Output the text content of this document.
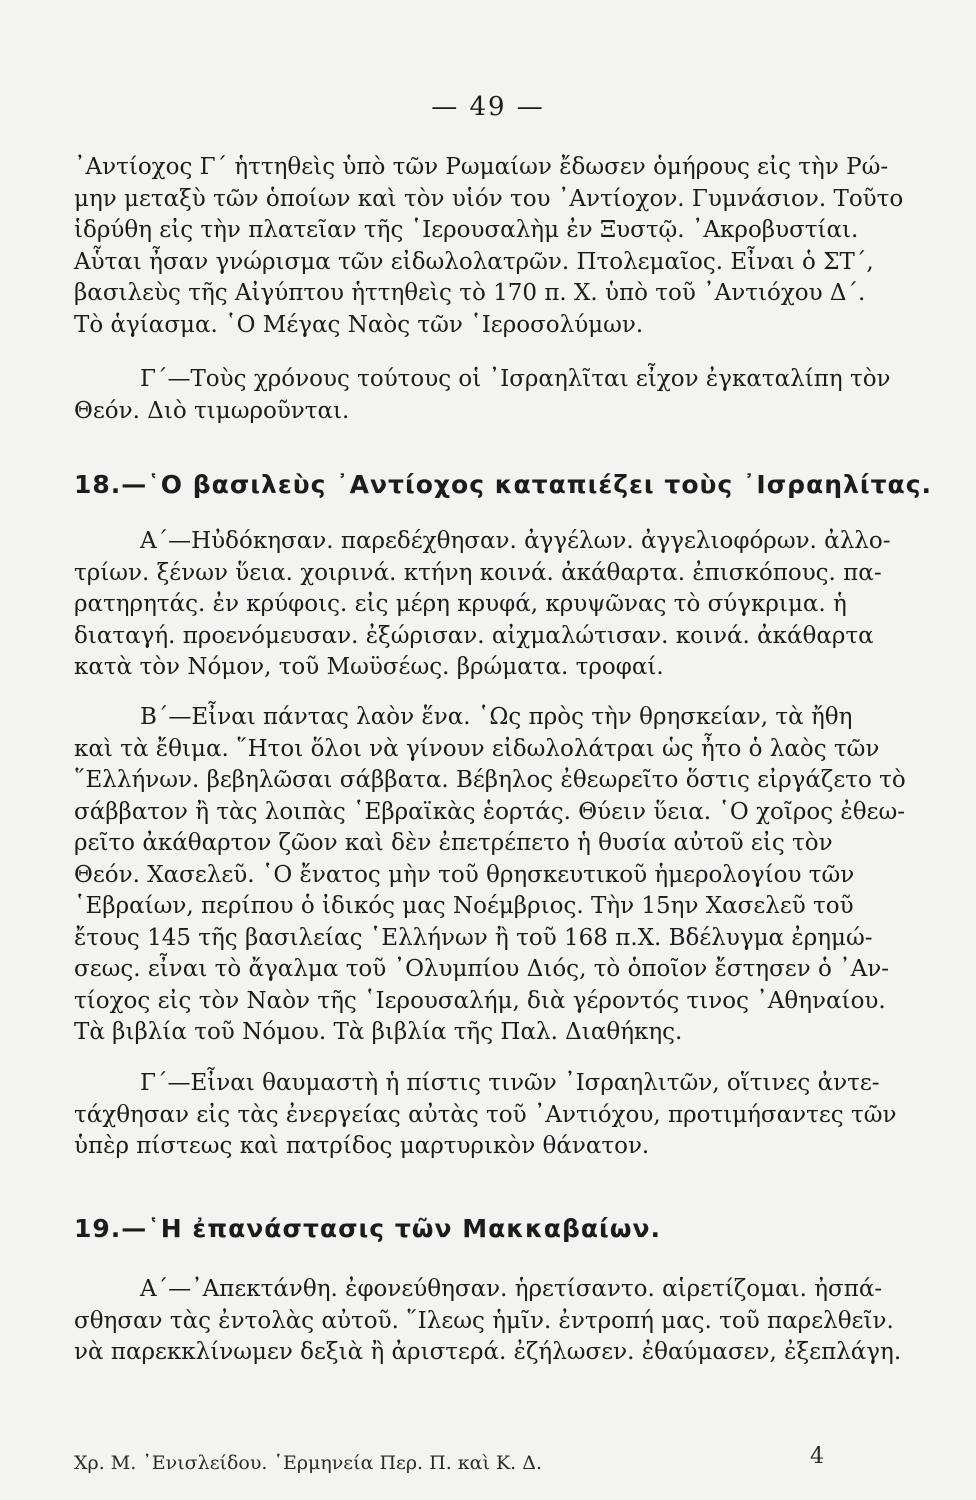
— 49 —
᾿Αντίοχος Γ΄ ἡττηθεὶς ὑπὸ τῶν Ρωμαίων ἔδωσεν ὁμήρους εἰς τὴν Ρώ-
μην μεταξὺ τῶν ὁποίων καὶ τὸν υἱόν του ᾿Αντίοχον. Γυμνάσιον. Τοῦτο
ἱδρύθη εἰς τὴν πλατεῖαν τῆς ῾Ιερουσαλὴμ ἐν Ξυστῷ. ᾿Ακροβυστίαι.
Αὗται ἦσαν γνώρισμα τῶν εἰδωλολατρῶν. Πτολεμαῖος. Εἶναι ὁ ΣΤ΄,
βασιλεὺς τῆς Αἰγύπτου ἡττηθεὶς τὸ 170 π. Χ. ὑπὸ τοῦ ᾿Αντιόχου Δ΄.
Τὸ ἁγίασμα. ῾Ο Μέγας Ναὸς τῶν ῾Ιεροσολύμων.
Γ΄—Τοὺς χρόνους τούτους οἱ ᾿Ισραηλῖται εἶχον ἐγκαταλίπη τὸν
Θεόν. Διὸ τιμωροῦνται.
18.—῾Ο βασιλεὺς ᾿Αντίοχος καταπιέζει τοὺς ᾿Ισραηλίτας.
Α΄—Ηὐδόκησαν. παρεδέχθησαν. ἀγγέλων. ἀγγελιοφόρων. ἀλλο-
τρίων. ξένων ὕεια. χοιρινά. κτήνη κοινά. ἀκάθαρτα. ἐπισκόπους. πα-
ρατηρητάς. ἐν κρύφοις. εἰς μέρη κρυφά, κρυψῶνας τὸ σύγκριμα. ἡ
διαταγή. προενόμευσαν. ἐξώρισαν. αἰχμαλώτισαν. κοινά. ἀκάθαρτα
κατὰ τὸν Νόμον, τοῦ Μωϋσέως. βρώματα. τροφαί.
Β΄—Εἶναι πάντας λαὸν ἕνα. ῾Ως πρὸς τὴν θρησκείαν, τὰ ἤθη
καὶ τὰ ἔθιμα. ῞Ητοι ὅλοι νὰ γίνουν εἰδωλολάτραι ὡς ἦτο ὁ λαὸς τῶν
῞Ελλήνων. βεβηλῶσαι σάββατα. Βέβηλος ἐθεωρεῖτο ὅστις εἰργάζετο τὸ
σάββατον ἢ τὰς λοιπὰς ῾Εβραϊκὰς ἑορτάς. Θύειν ὕεια. ῾Ο χοῖρος ἐθεω-
ρεῖτο ἀκάθαρτον ζῶον καὶ δὲν ἐπετρέπετο ἡ θυσία αὐτοῦ εἰς τὸν
Θεόν. Χασελεῦ. ῾Ο ἔνατος μὴν τοῦ θρησκευτικοῦ ἡμερολογίου τῶν
῾Εβραίων, περίπου ὁ ἰδικός μας Νοέμβριος. Τὴν 15ην Χασελεῦ τοῦ
ἔτους 145 τῆς βασιλείας ῾Ελλήνων ἢ τοῦ 168 π.Χ. Βδέλυγμα ἐρημώ-
σεως. εἶναι τὸ ἄγαλμα τοῦ ᾿Ολυμπίου Διός, τὸ ὁποῖον ἔστησεν ὁ ᾿Αν-
τίοχος εἰς τὸν Ναὸν τῆς ῾Ιερουσαλήμ, διὰ γέροντός τινος ᾿Αθηναίου.
Τὰ βιβλία τοῦ Νόμου. Τὰ βιβλία τῆς Παλ. Διαθήκης.
Γ΄—Εἶναι θαυμαστὴ ἡ πίστις τινῶν ᾿Ισραηλιτῶν, οἵτινες ἀντε-
τάχθησαν εἰς τὰς ἐνεργείας αὐτὰς τοῦ ᾿Αντιόχου, προτιμήσαντες τῶν
ὑπὲρ πίστεως καὶ πατρίδος μαρτυρικὸν θάνατον.
19.—῾Η ἐπανάστασις τῶν Μακκαβαίων.
Α΄—᾿Απεκτάνθη. ἐφονεύθησαν. ἡρετίσαντο. αἱρετίζομαι. ἠσπά-
σθησαν τὰς ἐντολὰς αὐτοῦ. ῞Ιλεως ἡμῖν. ἐντροπή μας. τοῦ παρελθεῖν.
νὰ παρεκκλίνωμεν δεξιὰ ἢ ἀριστερά. ἐζήλωσεν. ἐθαύμασεν, ἐξεπλάγη.
Χρ. Μ. ᾿Ενισλείδου. ῾Ερμηνεία Περ. Π. καὶ Κ. Δ.	4
